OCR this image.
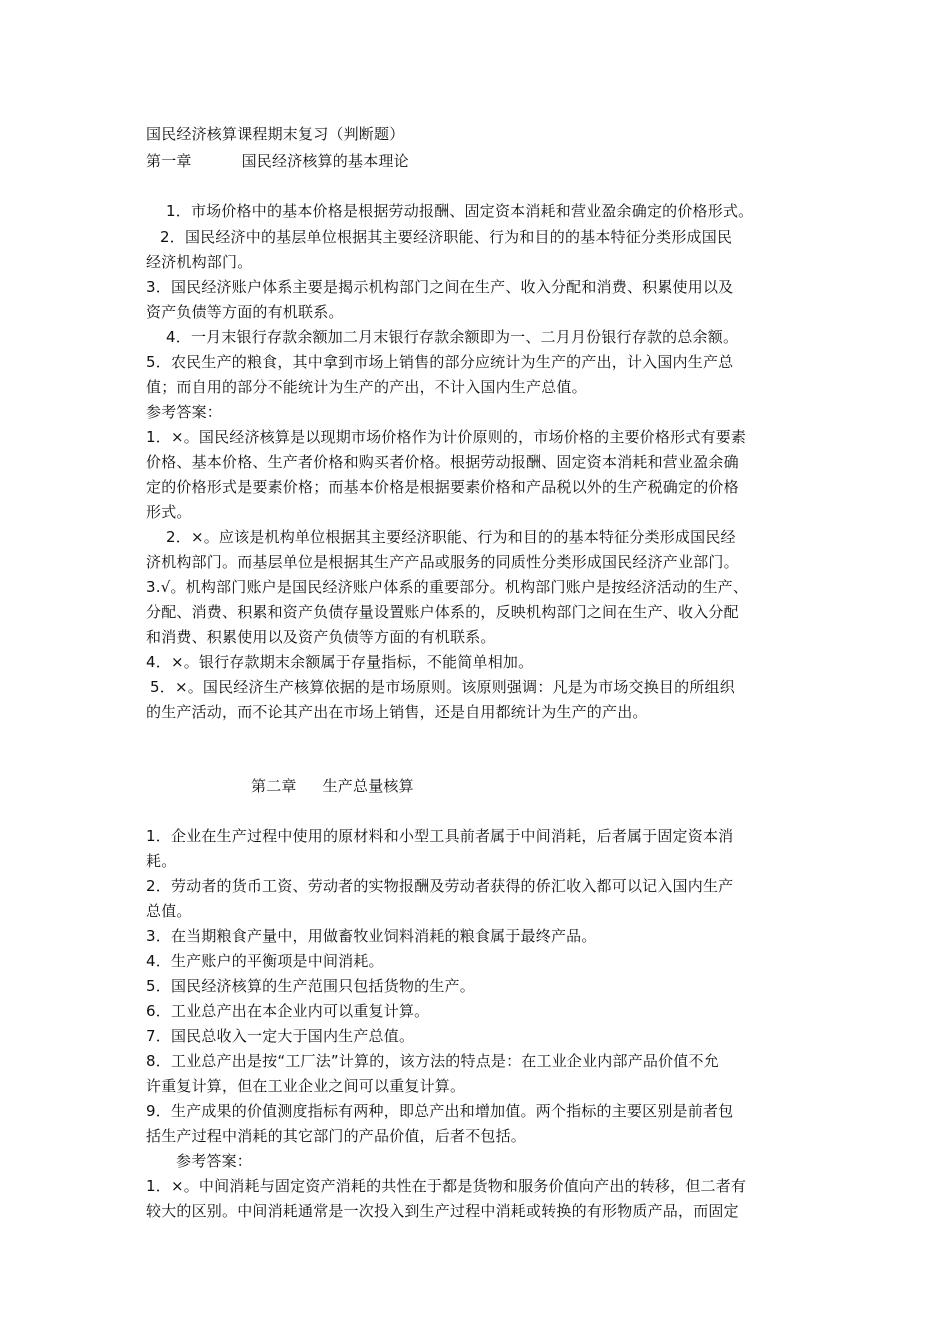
国民经济核算课程期末复习（判断题）
第一章	国民经济核算的基本理论
1．市场价格中的基本价格是根据劳动报酬、固定资本消耗和营业盈余确定的价格形式。
2．国民经济中的基层单位根据其主要经济职能、行为和目的的基本特征分类形成国民
经济机构部门。
3．国民经济账户体系主要是揭示机构部门之间在生产、收入分配和消费、积累使用以及
资产负债等方面的有机联系。
4．一月末银行存款余额加二月末银行存款余额即为一、二月月份银行存款的总余额。
5．农民生产的粮食，其中拿到市场上销售的部分应统计为生产的产出，计入国内生产总
值；而自用的部分不能统计为生产的产出，不计入国内生产总值。
参考答案：
1．×。国民经济核算是以现期市场价格作为计价原则的，市场价格的主要价格形式有要素
价格、基本价格、生产者价格和购买者价格。根据劳动报酬、固定资本消耗和营业盈余确
定的价格形式是要素价格；而基本价格是根据要素价格和产品税以外的生产税确定的价格
形式。
2．×。应该是机构单位根据其主要经济职能、行为和目的的基本特征分类形成国民经
济机构部门。而基层单位是根据其生产产品或服务的同质性分类形成国民经济产业部门。
3.√。机构部门账户是国民经济账户体系的重要部分。机构部门账户是按经济活动的生产、
分配、消费、积累和资产负债存量设置账户体系的，反映机构部门之间在生产、收入分配
和消费、积累使用以及资产负债等方面的有机联系。
4．×。银行存款期末余额属于存量指标，不能简单相加。
5．×。国民经济生产核算依据的是市场原则。该原则强调：凡是为市场交换目的所组织
的生产活动，而不论其产出在市场上销售，还是自用都统计为生产的产出。
第二章 生产总量核算
1．企业在生产过程中使用的原材料和小型工具前者属于中间消耗，后者属于固定资本消
耗。
2．劳动者的货币工资、劳动者的实物报酬及劳动者获得的侨汇收入都可以记入国内生产
总值。
3．在当期粮食产量中，用做畜牧业饲料消耗的粮食属于最终产品。
4．生产账户的平衡项是中间消耗。
5．国民经济核算的生产范围只包括货物的生产。
6．工业总产出在本企业内可以重复计算。
7．国民总收入一定大于国内生产总值。
8．工业总产出是按“工厂法”计算的，该方法的特点是：在工业企业内部产品价值不允
许重复计算，但在工业企业之间可以重复计算。
9．生产成果的价值测度指标有两种，即总产出和增加值。两个指标的主要区别是前者包
括生产过程中消耗的其它部门的产品价值，后者不包括。
参考答案：
1．×。中间消耗与固定资产消耗的共性在于都是货物和服务价值向产出的转移，但二者有
较大的区别。中间消耗通常是一次投入到生产过程中消耗或转换的有形物质产品，而固定
